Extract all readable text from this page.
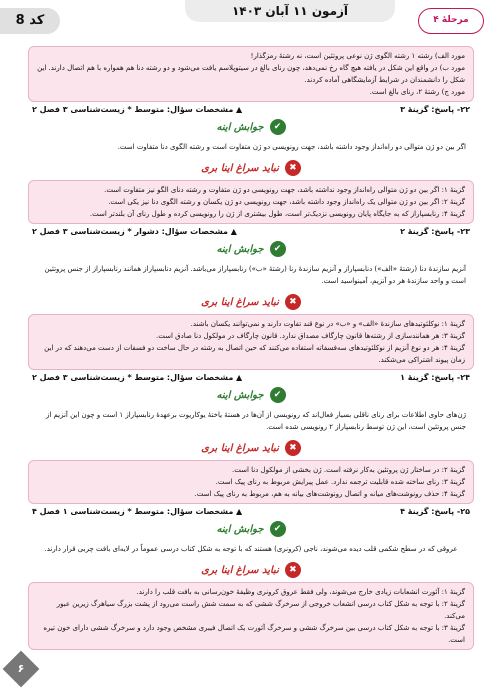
کد 8
آزمون ۱۱ آبان ۱۴۰۳
مرحلهٔ ۴

مورد الف) رشته ۱ رشته الگوی ژن نوعی پروتئین است، نه رشتهٔ رمزگذار!

مورد ب) در واقع این شکل در یافته هیچ گاه رخ نمی‌دهد، چون رنای بالغ در سیتوپلاسم یافت می‌شود و دو رشته دنا هم همواره با هم اتصال دارند. این شکل را دانشمندان در شرایط آزمایشگاهی آماده کردند.

مورد ج) رشتهٔ ۲، رنای بالغ است.

۲۲- پاسخ: گزینهٔ ۳
▲ مشخصات سؤال: متوسط * زیست‌شناسی ۳ فصل ۲
✔
جوابش اینه

اگر بین دو ژن متوالی دو راه‌انداز وجود داشته باشد، جهت رونویسی دو ژن متفاوت است و رشته الگوی دنا متفاوت است.

✖
نباید سراغ اینا بری

گزینهٔ ۱: اگر بین دو ژن متوالی راه‌انداز وجود نداشته باشد، جهت رونویسی دو ژن متفاوت و رشته دنای الگو نیز متفاوت است.

گزینهٔ ۲: اگر بین دو ژن متوالی یک راه‌انداز وجود داشته باشد، جهت رونویسی دو ژن یکسان و رشته الگوی دنا نیز یکی است.

گزینهٔ ۴: رنابسپاراز که به جایگاه پایان رونویسی نزدیک‌تر است، طول بیشتری از ژن را رونویسی کرده و طول رنای آن بلندتر است.

۲۳- پاسخ: گزینهٔ ۲
▲ مشخصات سؤال: دشوار * زیست‌شناسی ۳ فصل ۲
✔
جوابش اینه

آنزیم سازندهٔ دنا (رشتهٔ «الف») دنابسپاراز و آنزیم سازندهٔ رنا (رشتهٔ «ب») رنابسپاراز می‌باشد. آنزیم دنابسپاراز همانند رنابسپاراز از جنس پروتئین است و واحد سازندهٔ هر دو آنزیم، آمینواسید است.

✖
نباید سراغ اینا بری

گزینهٔ ۱: نوکلئوتیدهای سازندهٔ «الف» و «ب» در نوع قند تفاوت دارند و نمی‌توانند یکسان باشند.

گزینهٔ ۳: هر همانندسازی از رشته‌ها قانون چارگاف مصداق ندارد. قانون چارگاف در مولکول دنا صادق است.

گزینهٔ ۴: هر دو نوع آنزیم از نوکلئوتیدهای سه‌فسفاته استفاده می‌کنند که حین اتصال به رشته در حال ساخت دو فسفات از دست می‌دهند که در این زمان پیوند اشتراکی می‌شکند.

۲۴- پاسخ: گزینهٔ ۱
▲ مشخصات سؤال: متوسط * زیست‌شناسی ۳ فصل ۲
✔
جوابش اینه

ژن‌های حاوی اطلاعات برای رنای ناقلی بسیار فعال‌اند که رونویسی از آن‌ها در هستهٔ یاختهٔ یوکاریوت برعهدهٔ رنابسپاراز ۱ است و چون این آنزیم از جنس پروتئین است، این ژن توسط رنابسپاراز ۲ رونویسی شده است.

✖
نباید سراغ اینا بری

گزینهٔ ۲: در ساختار ژن پروتئین به‌کار نرفته است. ژن بخشی از مولکول دنا است.

گزینهٔ ۳: رنای ساخته شده قابلیت ترجمه ندارد. عمل پیرایش مربوط به رنای پیک است.

گزینهٔ ۴: حذف رونوشت‌های میانه و اتصال رونوشت‌های بیانه به هم، مربوط به رنای پیک است.

۲۵- پاسخ: گزینهٔ ۴
▲ مشخصات سؤال: متوسط * زیست‌شناسی ۱ فصل ۴
✔
جوابش اینه

عروقی که در سطح شکمی قلب دیده می‌شوند، ناجی (کرونری) هستند که با توجه به شکل کتاب درسی عموماً در لایه‌ای بافت چربی قرار دارند.

✖
نباید سراغ اینا بری

گزینهٔ ۱: آئورت انشعابات زیادی خارج می‌شوند، ولی فقط عروق کرونری وظیفهٔ خون‌رسانی به بافت قلب را دارند.

گزینهٔ ۲: با توجه به شکل کتاب درسی انشعاب خروجی از سرخرگ ششی که به سمت شش راست می‌رود از پشت بزرگ سیاهرگ زیرین عبور می‌کند.

گزینهٔ ۳: با توجه به شکل کتاب درسی بین سرخرگ ششی و سرخرگ آئورت یک اتصال فیبری مشخص وجود دارد و سرخرگ ششی دارای خون تیره است.

۶
